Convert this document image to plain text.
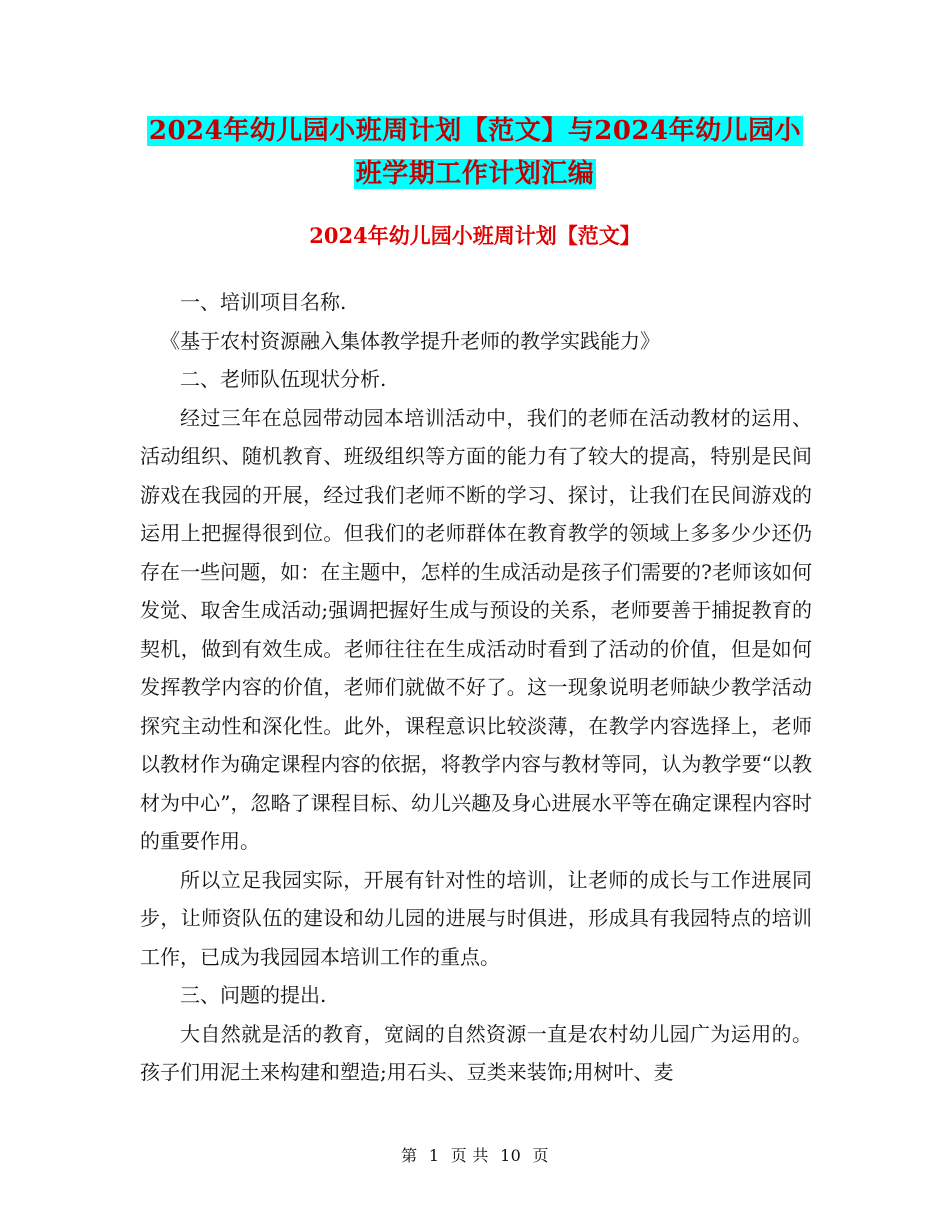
2024年幼儿园小班周计划【范文】与2024年幼儿园小
班学期工作计划汇编
2024年幼儿园小班周计划【范文】

一、培训项目名称.

《基于农村资源融入集体教学提升老师的教学实践能力》

二、老师队伍现状分析.

经过三年在总园带动园本培训活动中，我们的老师在活动教材的运用、活动组织、随机教育、班级组织等方面的能力有了较大的提高，特别是民间游戏在我园的开展，经过我们老师不断的学习、探讨，让我们在民间游戏的运用上把握得很到位。但我们的老师群体在教育教学的领域上多多少少还仍存在一些问题，如：在主题中，怎样的生成活动是孩子们需要的?老师该如何发觉、取舍生成活动;强调把握好生成与预设的关系，老师要善于捕捉教育的契机，做到有效生成。老师往往在生成活动时看到了活动的价值，但是如何发挥教学内容的价值，老师们就做不好了。这一现象说明老师缺少教学活动探究主动性和深化性。此外，课程意识比较淡薄，在教学内容选择上，老师以教材作为确定课程内容的依据，将教学内容与教材等同，认为教学要“以教材为中心”，忽略了课程目标、幼儿兴趣及身心进展水平等在确定课程内容时的重要作用。

所以立足我园实际，开展有针对性的培训，让老师的成长与工作进展同步，让师资队伍的建设和幼儿园的进展与时俱进，形成具有我园特点的培训工作，已成为我园园本培训工作的重点。

三、问题的提出.

大自然就是活的教育，宽阔的自然资源一直是农村幼儿园广为运用的。孩子们用泥土来构建和塑造;用石头、豆类来装饰;用树叶、麦

第 1 页 共 10 页
